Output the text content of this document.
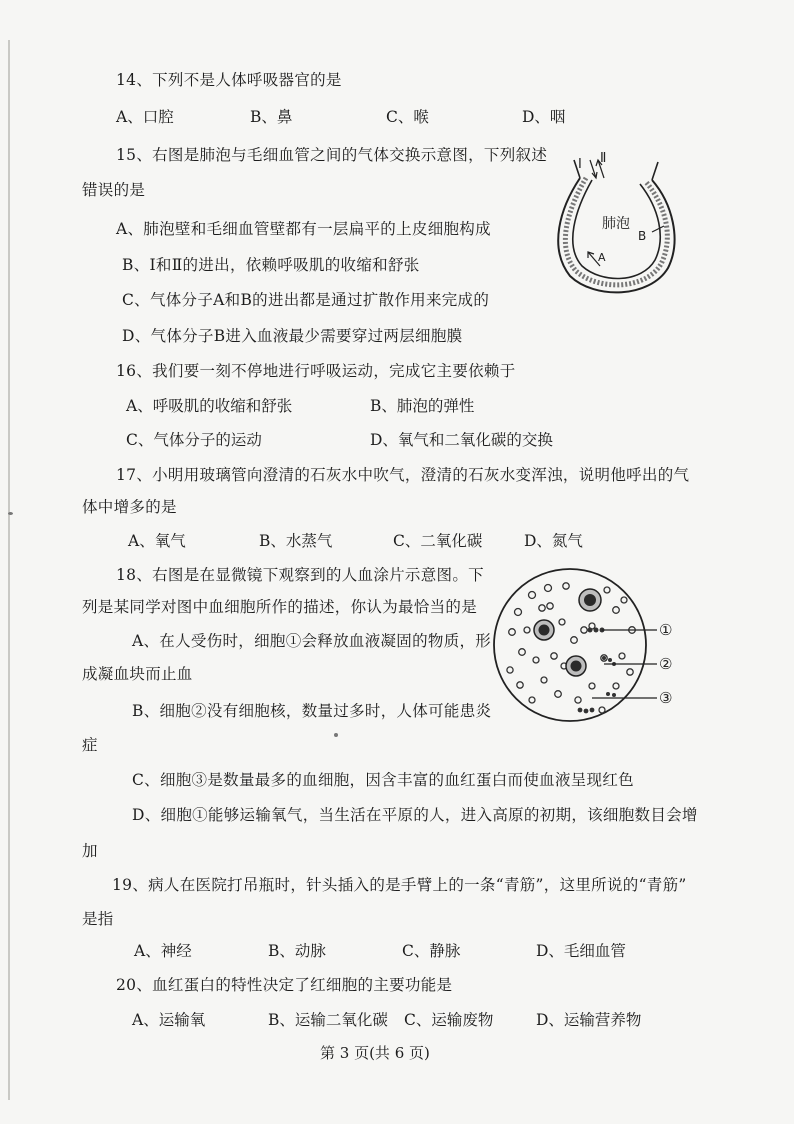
14、下列不是人体呼吸器官的是
A、口腔	B、鼻	C、喉	D、咽
15、右图是肺泡与毛细血管之间的气体交换示意图，下列叙述
错误的是
A、肺泡壁和毛细血管壁都有一层扁平的上皮细胞构成
B、Ⅰ和Ⅱ的进出，依赖呼吸肌的收缩和舒张
C、气体分子A和B的进出都是通过扩散作用来完成的
D、气体分子B进入血液最少需要穿过两层细胞膜
I Ⅱ
肺泡
A
B
16、我们要一刻不停地进行呼吸运动，完成它主要依赖于
A、呼吸肌的收缩和舒张	B、肺泡的弹性
C、气体分子的运动	D、氧气和二氧化碳的交换
17、小明用玻璃管向澄清的石灰水中吹气，澄清的石灰水变浑浊，说明他呼出的气
体中增多的是
A、氧气	B、水蒸气	C、二氧化碳	D、氮气
18、右图是在显微镜下观察到的人血涂片示意图。下
列是某同学对图中血细胞所作的描述，你认为最恰当的是
A、在人受伤时，细胞①会释放血液凝固的物质，形
成凝血块而止血
B、细胞②没有细胞核，数量过多时，人体可能患炎
症
C、细胞③是数量最多的血细胞，因含丰富的血红蛋白而使血液呈现红色
D、细胞①能够运输氧气，当生活在平原的人，进入高原的初期，该细胞数目会增
加
①
②
③
19、病人在医院打吊瓶时，针头插入的是手臂上的一条“青筋”，这里所说的“青筋”
是指
A、神经	B、动脉	C、静脉	D、毛细血管
20、血红蛋白的特性决定了红细胞的主要功能是
A、运输氧	B、运输二氧化碳 C、运输废物	D、运输营养物
第 3 页(共 6 页)
